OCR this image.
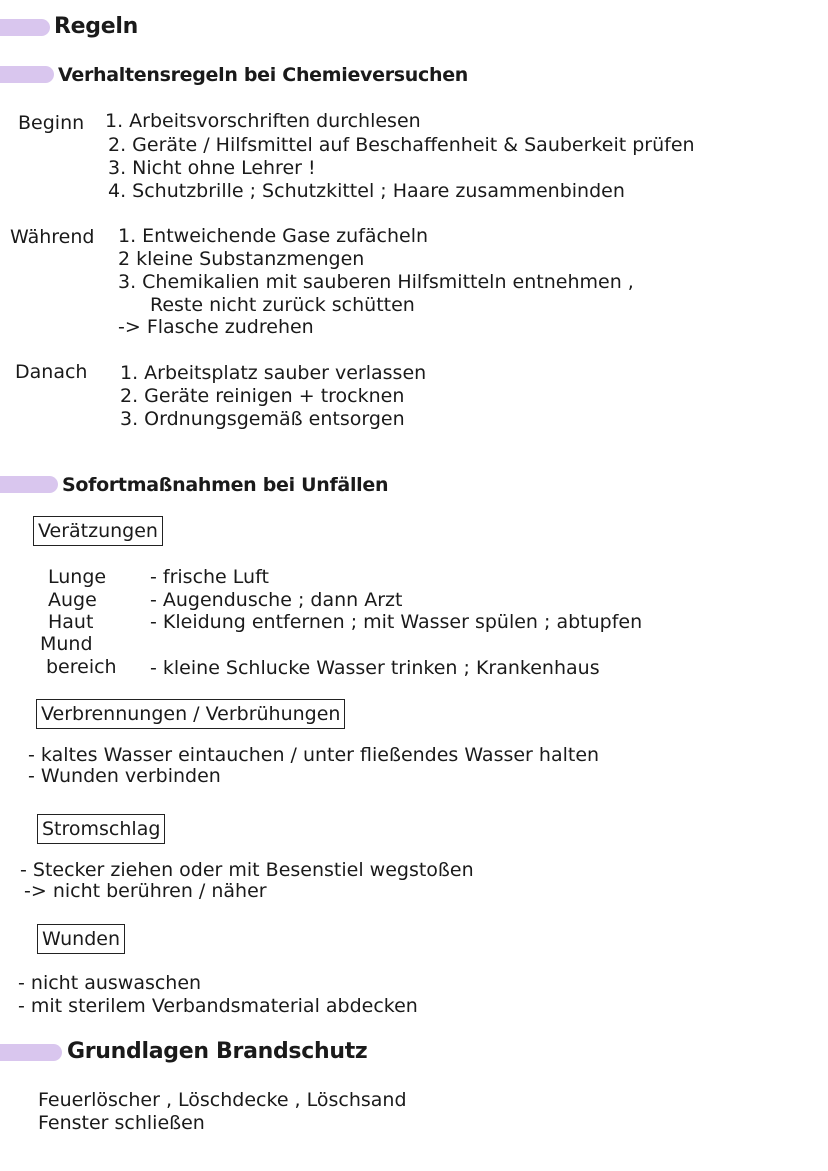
Regeln
Verhaltensregeln bei Chemieversuchen
Beginn 1. Arbeitsvorschriften durchlesen
2. Geräte / Hilfsmittel auf Beschaffenheit & Sauberkeit prüfen
3. Nicht ohne Lehrer !
4. Schutzbrille ; Schutzkittel ; Haare zusammenbinden
Während 1. Entweichende Gase zufächeln
2 kleine Substanzmengen
3. Chemikalien mit sauberen Hilfsmitteln entnehmen ,
Reste nicht zurück schütten
-> Flasche zudrehen
Danach 1. Arbeitsplatz sauber verlassen
2. Geräte reinigen + trocknen
3. Ordnungsgemäß entsorgen
Sofortmaßnahmen bei Unfällen
Verätzungen
Lunge - frische Luft
Auge	- Augendusche ; dann Arzt
Haut	- Kleidung entfernen ; mit Wasser spülen ; abtupfen
Mund
bereich - kleine Schlucke Wasser trinken ; Krankenhaus
Verbrennungen / Verbrühungen
- kaltes Wasser eintauchen / unter fließendes Wasser halten
- Wunden verbinden
Stromschlag
- Stecker ziehen oder mit Besenstiel wegstoßen
-> nicht berühren / näher
Wunden
- nicht auswaschen
- mit sterilem Verbandsmaterial abdecken
Grundlagen Brandschutz
Feuerlöscher , Löschdecke , Löschsand
Fenster schließen
